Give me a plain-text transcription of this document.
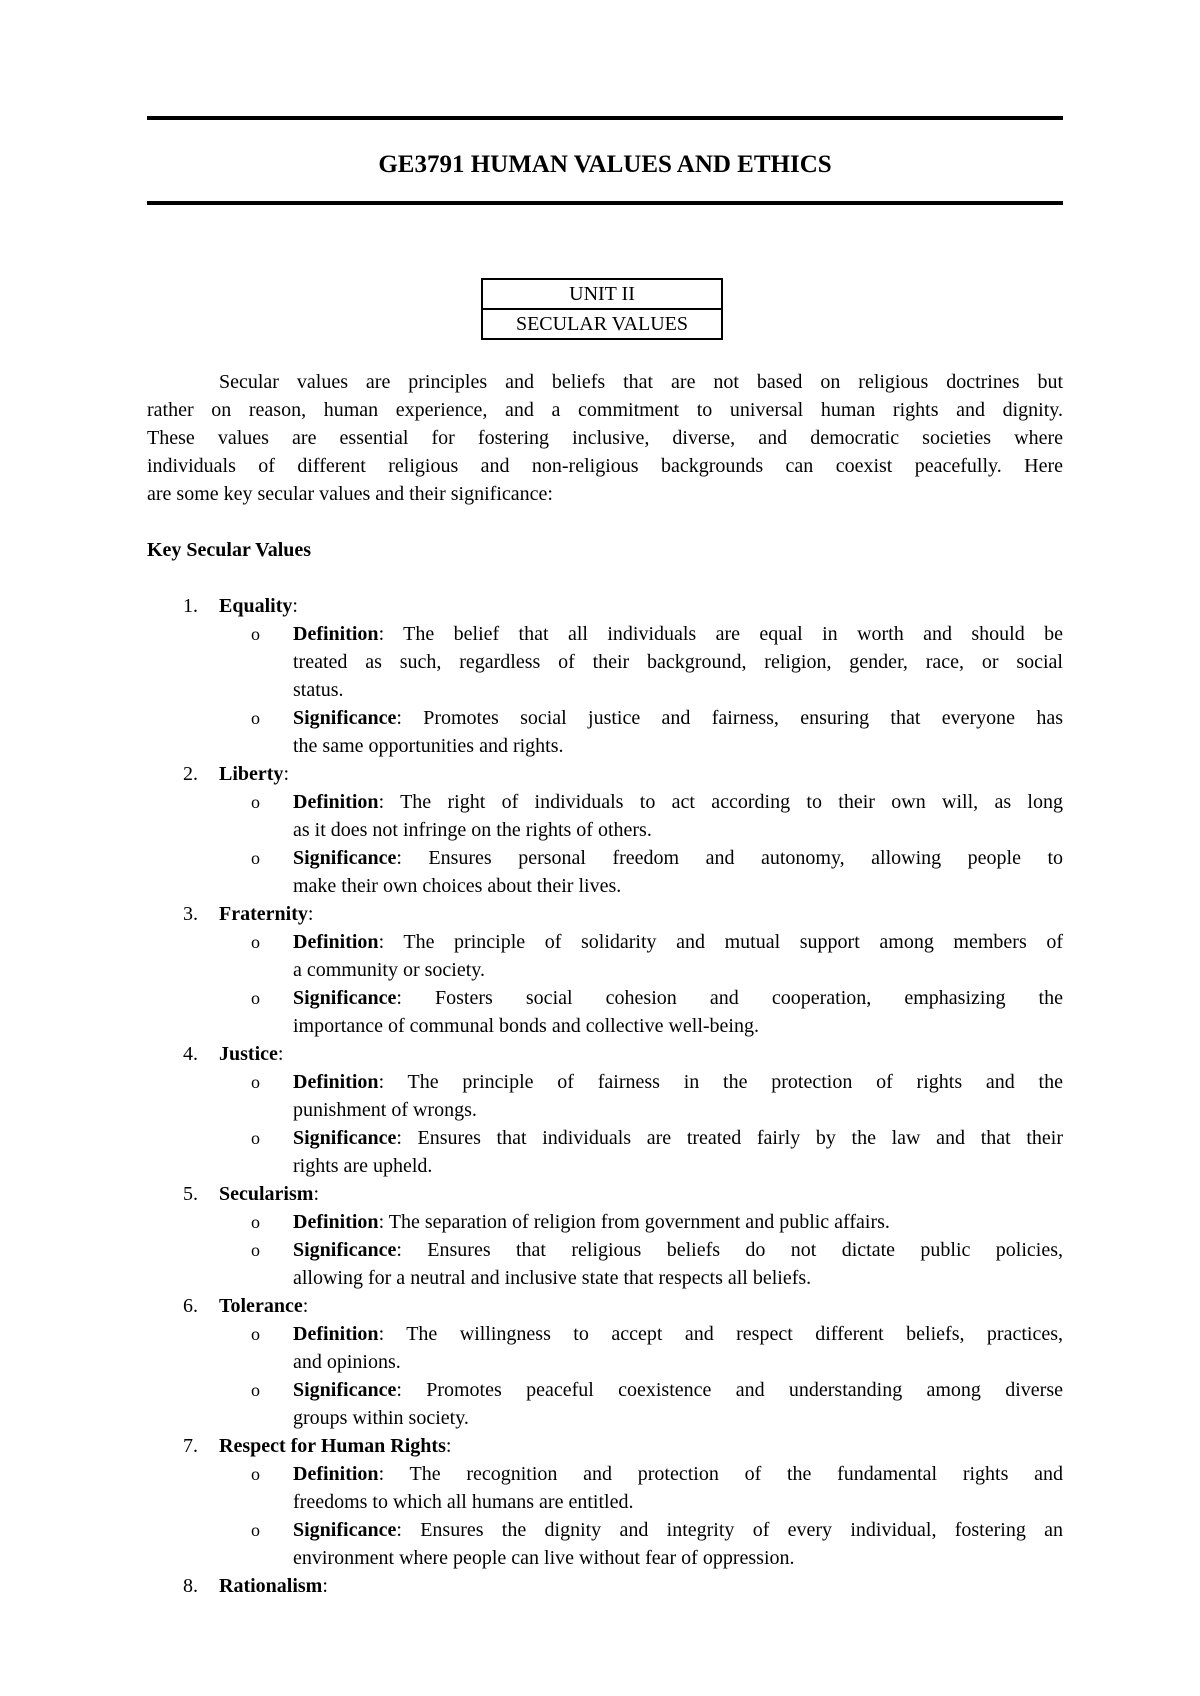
GE3791 HUMAN VALUES AND ETHICS
UNIT II
SECULAR VALUES
Secular values are principles and beliefs that are not based on religious doctrines but
rather on reason, human experience, and a commitment to universal human rights and dignity.
These values are essential for fostering inclusive, diverse, and democratic societies where
individuals of different religious and non-religious backgrounds can coexist peacefully. Here
are some key secular values and their significance:
Key Secular Values
1. Equality:
o Definition: The belief that all individuals are equal in worth and should be
treated as such, regardless of their background, religion, gender, race, or social
status.
o Significance: Promotes social justice and fairness, ensuring that everyone has
the same opportunities and rights.
2. Liberty:
o Definition: The right of individuals to act according to their own will, as long
as it does not infringe on the rights of others.
o Significance: Ensures personal freedom and autonomy, allowing people to
make their own choices about their lives.
3. Fraternity:
o Definition: The principle of solidarity and mutual support among members of
a community or society.
o Significance: Fosters social cohesion and cooperation, emphasizing the
importance of communal bonds and collective well-being.
4. Justice:
o Definition: The principle of fairness in the protection of rights and the
punishment of wrongs.
o Significance: Ensures that individuals are treated fairly by the law and that their
rights are upheld.
5. Secularism:
o Definition: The separation of religion from government and public affairs.
o Significance: Ensures that religious beliefs do not dictate public policies,
allowing for a neutral and inclusive state that respects all beliefs.
6. Tolerance:
o Definition: The willingness to accept and respect different beliefs, practices,
and opinions.
o Significance: Promotes peaceful coexistence and understanding among diverse
groups within society.
7. Respect for Human Rights:
o Definition: The recognition and protection of the fundamental rights and
freedoms to which all humans are entitled.
o Significance: Ensures the dignity and integrity of every individual, fostering an
environment where people can live without fear of oppression.
8. Rationalism:
